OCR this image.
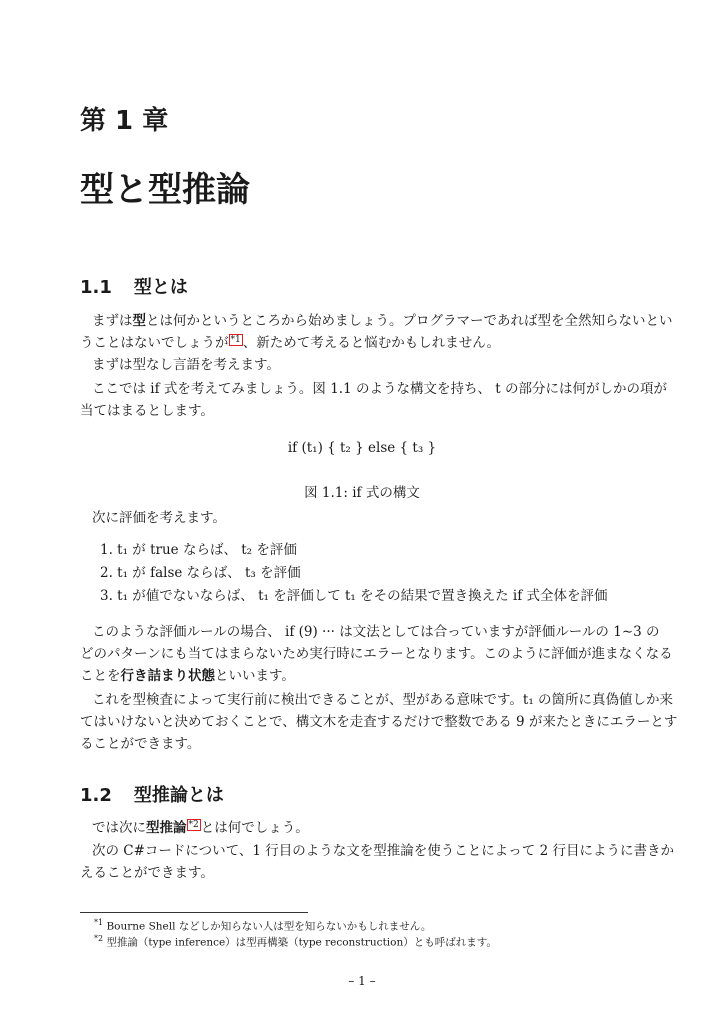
第 1 章
型と型推論
1.1 型とは
まずは型とは何かというところから始めましょう。プログラマーであれば型を全然知らないとい
うことはないでしょうが $^{*1}$ 、新ためて考えると悩むかもしれません。
まずは型なし言語を考えます。
ここでは if 式を考えてみましょう。図 1.1 のような構文を持ち、 t の部分には何がしかの項が
当てはまるとします。
if (t₁) { t₂ } else { t₃ }
図 1.1: if 式の構文
次に評価を考えます。
1. t₁ が true ならば、 t₂ を評価
2. t₁ が false ならば、 t₃ を評価
3. t₁ が値でないならば、 t₁ を評価して t₁ をその結果で置き換えた if 式全体を評価
このような評価ルールの場合、 if (9) ··· は文法としては合っていますが評価ルールの 1∼3 の
どのパターンにも当てはまらないため実行時にエラーとなります。このように評価が進まなくなる
ことを行き詰まり状態といいます。
これを型検査によって実行前に検出できることが、型がある意味です。t₁ の箇所に真偽値しか来
てはいけないと決めておくことで、構文木を走査するだけで整数である 9 が来たときにエラーとす
ることができます。
1.2 型推論とは
では次に型推論 $^{*2}$ とは何でしょう。
次の C#コードについて、1 行目のような文を型推論を使うことによって 2 行目にように書きか
えることができます。
$^{*1}$ Bourne Shell などしか知らない人は型を知らないかもしれません。
$^{*2}$ 型推論（type inference）は型再構築（type reconstruction）とも呼ばれます。
– 1 –
